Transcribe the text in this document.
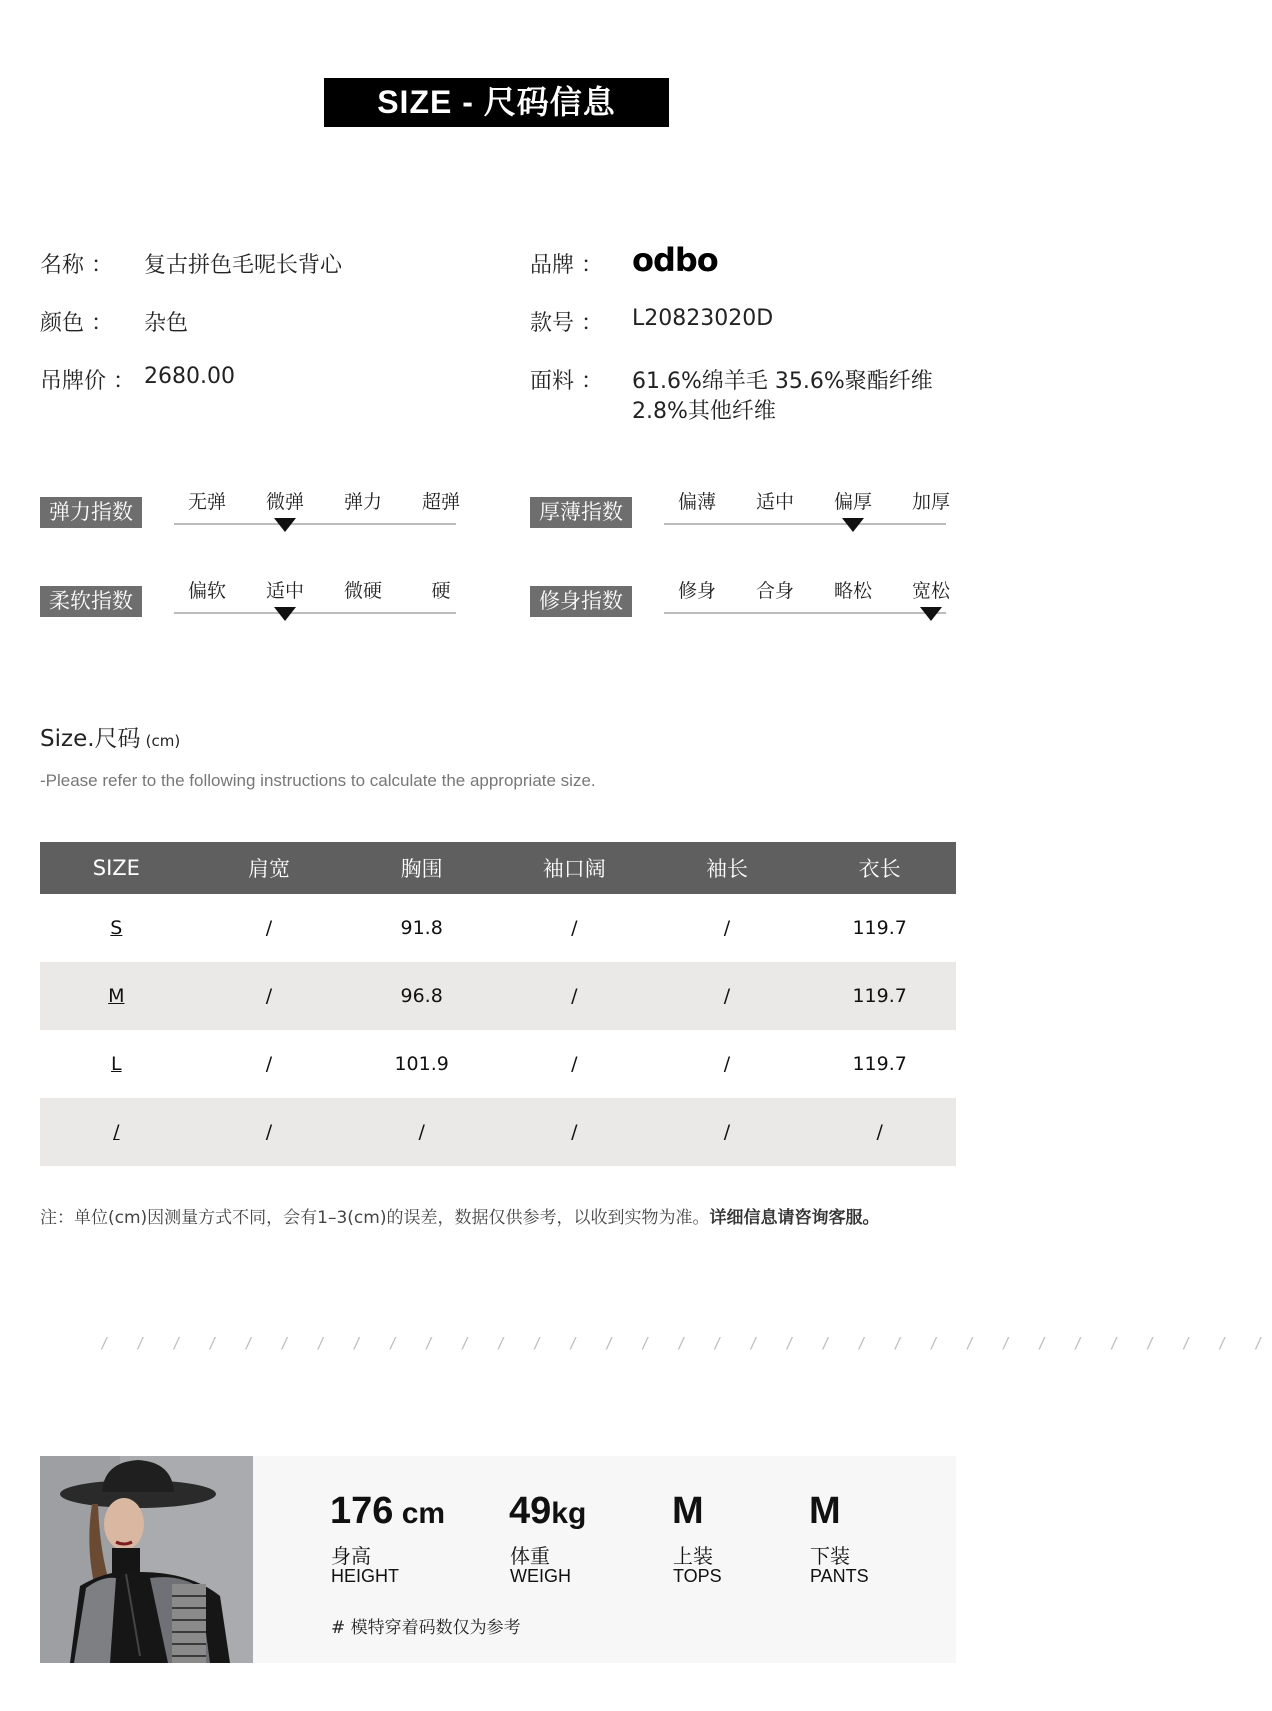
SIZE - 尺码信息
名称 ： 复古拼色毛呢长背心
颜色 ： 杂色
吊牌价 ： 2680.00
品牌 ： odbo
款号 ： L20823020D
面料 ： 61.6%绵羊毛 35.6%聚酯纤维
2.8%其他纤维
弹力指数	无弹	微弹	弹力	超弹	厚薄指数	偏薄	适中	偏厚	加厚
柔软指数	偏软	适中	微硬	硬	修身指数	修身	合身	略松	宽松
Size.尺码 (cm)
-Please refer to the following instructions to calculate the appropriate size.
SIZE	肩宽	胸围	袖口阔	袖长	衣长
S	/	91.8	/	/	119.7
M	/	96.8	/	/	119.7
L	/	101.9	/	/	119.7
/	/	/	/	/	/
注：单位(cm)因测量方式不同，会有1–3(cm)的误差，数据仅供参考，以收到实物为准。详细信息请咨询客服。
/ / / / / / / / / / / / / / / / / / / / / / / / / / / / / / / / /
176 cm
身高
HEIGHT
49kg
体重
WEIGH
M
上装
TOPS
M
下装
PANTS
# 模特穿着码数仅为参考
